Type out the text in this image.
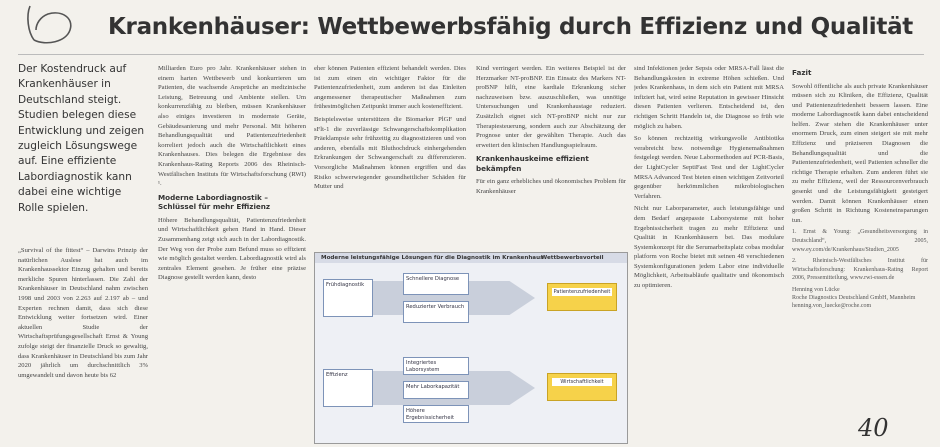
Krankenhäuser: Wettbewerbsfähig durch Effizienz und Qualität
Der Kostendruck auf Krankenhäuser in Deutschland steigt. Studien belegen diese Entwicklung und zeigen zugleich Lösungswege auf. Eine effiziente Labordiagnostik kann dabei eine wichtige Rolle spielen.

„Survival of the fittest“ – Darwins Prinzip der natürlichen Auslese hat auch im Krankenhaussektor Einzug gehalten und bereits merkliche Spuren hinterlassen. Die Zahl der Krankenhäuser in Deutschland nahm zwischen 1998 und 2003 von 2.263 auf 2.197 ab – und Experten rechnen damit, dass sich diese Entwicklung weiter fortsetzen wird. Einer aktuellen Studie der Wirtschaftsprüfungsgesellschaft Ernst & Young zufolge steigt der finanzielle Druck so gewaltig, dass Krankenhäuser in Deutschland bis zum Jahr 2020 jährlich um durchschnittlich 3% umgewandelt und davon heute bis 62

Milliarden Euro pro Jahr. Krankenhäuser stehen in einem harten Wettbewerb und konkurrieren um Patienten, die wachsende Ansprüche an medizinische Leistung, Betreuung und Ambiente stellen. Um konkurrenzfähig zu bleiben, müssen Krankenhäuser also einiges investieren in modernste Geräte, Gebäudesanierung und mehr Personal. Mit höheren Behandlungsqualität und Patientenzufriedenheit korreliert jedoch auch die Wirtschaftlichkeit eines Krankenhauses. Dies belegen die Ergebnisse des Krankenhaus-Rating Reports 2006 des Rheinisch-Westfälischen Instituts für Wirtschaftsforschung (RWI) ¹.

Moderne Labordiagnostik – Schlüssel für mehr Effizienz

Höhere Behandlungsqualität, Patientenzufriedenheit und Wirtschaftlichkeit gehen Hand in Hand. Dieser Zusammenhang zeigt sich auch in der Labordiagnostik. Der Weg von der Probe zum Befund muss so effizient wie möglich gestaltet werden. Labordiagnostik wird als zentrales Element gesehen. Je früher eine präzise Diagnose gestellt werden kann, desto

eher können Patienten effizient behandelt werden. Dies ist zum einen ein wichtiger Faktor für die Patientenzufriedenheit, zum anderen ist das Einleiten angemessener therapeutischer Maßnahmen zum frühestmöglichen Zeitpunkt immer auch kosteneffizient.

Beispielsweise unterstützen die Biomarker PlGF und sFlt-1 die zuverlässige Schwangerschaftskomplikation Präeklampsie sehr frühzeitig zu diagnostizieren und von anderen, ebenfalls mit Bluthochdruck einhergehenden Erkrankungen der Schwangerschaft zu differenzieren. Vorsorgliche Maßnahmen können ergriffen und das Risiko schwerwiegender gesundheitlicher Schäden für Mutter und

Kind verringert werden. Ein weiteres Beispiel ist der Herzmarker NT-proBNP. Ein Einsatz des Markers NT-proBNP hilft, eine kardiale Erkrankung sicher nachzuweisen bzw. auszuschließen, was unnötige Untersuchungen und Krankenhaustage reduziert. Zusätzlich eignet sich NT-proBNP nicht nur zur Therapiesteuerung, sondern auch zur Abschätzung der Prognose unter der gewählten Therapie. Auch das erweitert den klinischen Handlungsspielraum.

Krankenhauskeime effizient bekämpfen

Für ein ganz erhebliches und ökonomisches Problem für Krankenhäuser

sind Infektionen jeder Sepsis oder MRSA-Fall lässt die Behandlungskosten in extreme Höhen schießen. Und jedes Krankenhaus, in dem sich ein Patient mit MRSA infiziert hat, wird seine Reputation in gewisser Hinsicht diesen Patienten verlieren. Entscheidend ist, den richtigen Schritt Handeln ist, die Diagnose so früh wie möglich zu haben.

So können rechtzeitig wirkungsvolle Antibiotika verabreicht bzw. notwendige Hygienemaßnahmen festgelegt werden. Neue Labormethoden auf PCR-Basis, der LightCycler SeptiFast Test und der LightCycler MRSA Advanced Test bieten einen wichtigen Zeitvorteil gegenüber herkömmlichen mikrobiologischen Verfahren.

Nicht nur Laborparameter, auch leistungsfähige und dem Bedarf angepasste Laborsysteme mit hoher Ergebnissicherheit tragen zu mehr Effizienz und Qualität in Krankenhäusern bei. Das modulare Systemkonzept für die Serumarbeitsplatz cobas modular platform von Roche bietet mit seinen 48 verschiedenen Systemkonfigurationen jedem Labor eine individuelle Möglichkeit, Arbeitsabläufe qualitativ und ökonomisch zu optimieren.

Fazit

Sowohl öffentliche als auch private Krankenhäuser müssen sich zu Kliniken, die Effizienz, Qualität und Patientenzufriedenheit bessern lassen. Eine moderne Labordiagnostik kann dabei entscheidend helfen. Zwar stehen die Krankenhäuser unter enormem Druck, zum einen steigert sie mit mehr Effizienz und präziseren Diagnosen die Behandlungsqualität und die Patientenzufriedenheit, weil Patienten schneller die richtige Therapie erhalten. Zum anderen führt sie zu mehr Effizienz, weil der Ressourcenverbrauch gesenkt und die Leistungsfähigkeit gesteigert werden. Damit können Krankenhäuser einen großen Schritt in Richtung Kosteneinsparungen tun.

1. Ernst & Young: „Gesundheitsversorgung in Deutschland“, 2005, www.ey.com/de/Krankenhaus/Studien_2005

2. Rheinisch-Westfälisches Institut für Wirtschaftsforschung: Krankenhaus-Rating Report 2006, Pressemitteilung, www.rwi-essen.de

Henning von Lücke
Roche Diagnostics Deutschland GmbH, Mannheim
henning.von_luecke@roche.com
Moderne leistungsfähige Lösungen für die Diagnostik im Krankenhaus
Wettbewerbsvorteil
Frühdiagnostik
Effizienz
Schnellere Diagnose
Reduzierter Verbrauch
Integriertes Laborsystem
Mehr Laborkapazität
Höhere Ergebnissicherheit
Patientenzufriedenheit
Wirtschaftlichkeit
40
